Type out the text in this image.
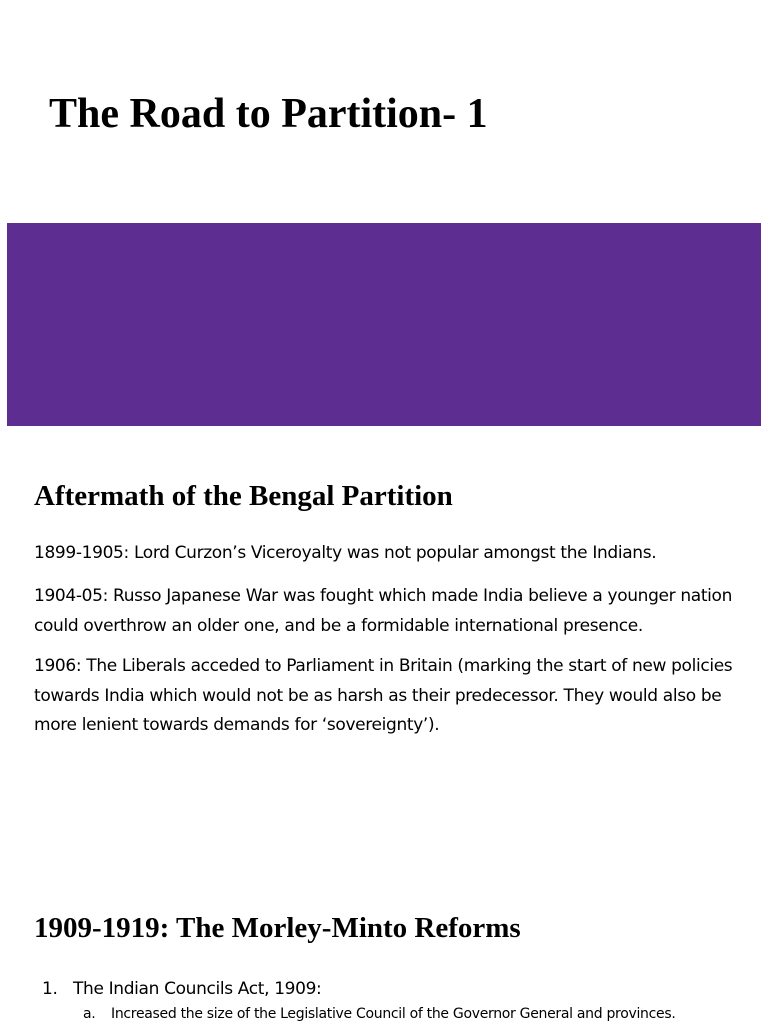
The Road to Partition- 1
Aftermath of the Bengal Partition

1899-1905: Lord Curzon’s Viceroyalty was not popular amongst the Indians.

1904-05: Russo Japanese War was fought which made India believe a younger nation could overthrow an older one, and be a formidable international presence.

1906: The Liberals acceded to Parliament in Britain (marking the start of new policies towards India which would not be as harsh as their predecessor. They would also be more lenient towards demands for ‘sovereignty’).

1909-1919: The Morley-Minto Reforms
1. The Indian Councils Act, 1909:
a. Increased the size of the Legislative Council of the Governor General and provinces.
